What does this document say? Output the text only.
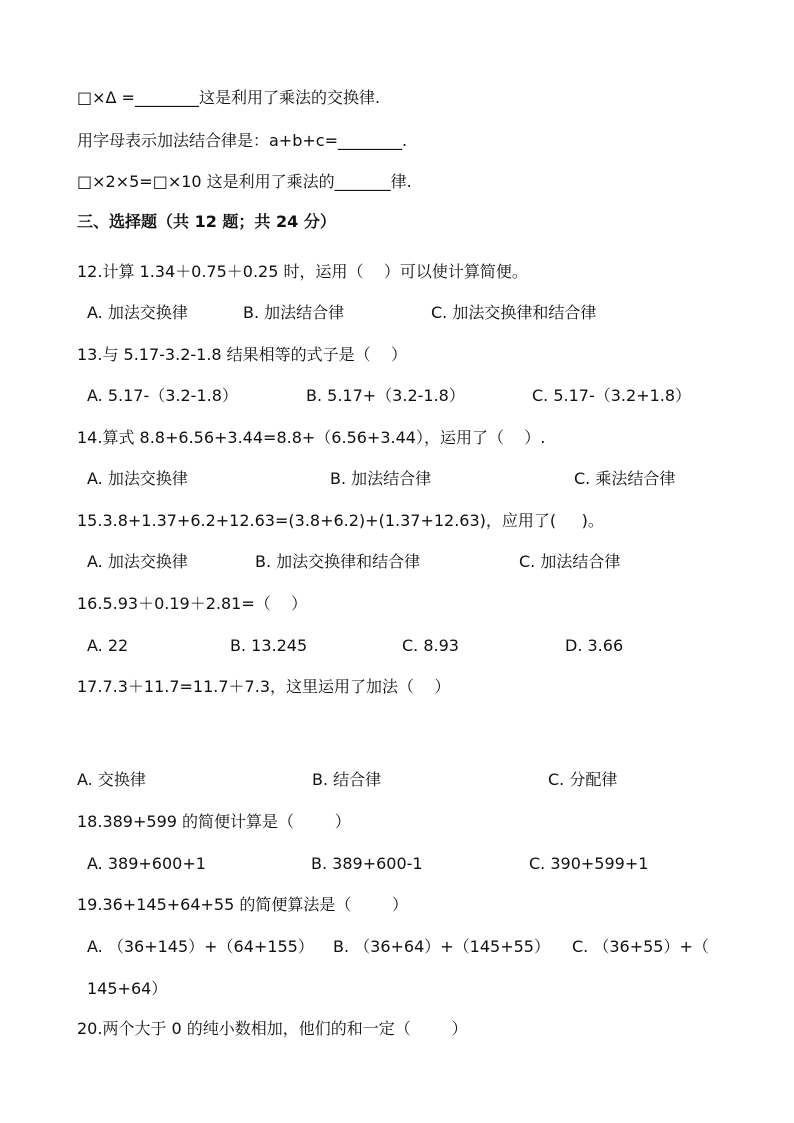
□×Δ =________这是利用了乘法的交换律.
用字母表示加法结合律是：a+b+c=________.
□×2×5=□×10 这是利用了乘法的_______律.
三、选择题（共 12 题；共 24 分）
12.计算 1.34＋0.75＋0.25 时，运用（    ）可以使计算简便。
A. 加法交换律	B. 加法结合律	C. 加法交换律和结合律
13.与 5.17-3.2-1.8 结果相等的式子是（    ）
A. 5.17-（3.2-1.8）	B. 5.17+（3.2-1.8）	C. 5.17-（3.2+1.8）
14.算式 8.8+6.56+3.44=8.8+（6.56+3.44），运用了（    ）.
A. 加法交换律	B. 加法结合律	C. 乘法结合律
15.3.8+1.37+6.2+12.63=(3.8+6.2)+(1.37+12.63)，应用了(     )。
A. 加法交换律	B. 加法交换律和结合律	C. 加法结合律
16.5.93＋0.19＋2.81=（    ）
A. 22	B. 13.245	C. 8.93	D. 3.66
17.7.3＋11.7=11.7＋7.3，这里运用了加法（    ）
A. 交换律	B. 结合律	C. 分配律
18.389+599 的简便计算是（        ）
A. 389+600+1	B. 389+600-1	C. 390+599+1
19.36+145+64+55 的简便算法是（        ）
A. （36+145）+（64+155） B. （36+64）+（145+55） C. （36+55）+（
145+64）
20.两个大于 0 的纯小数相加，他们的和一定（        ）
